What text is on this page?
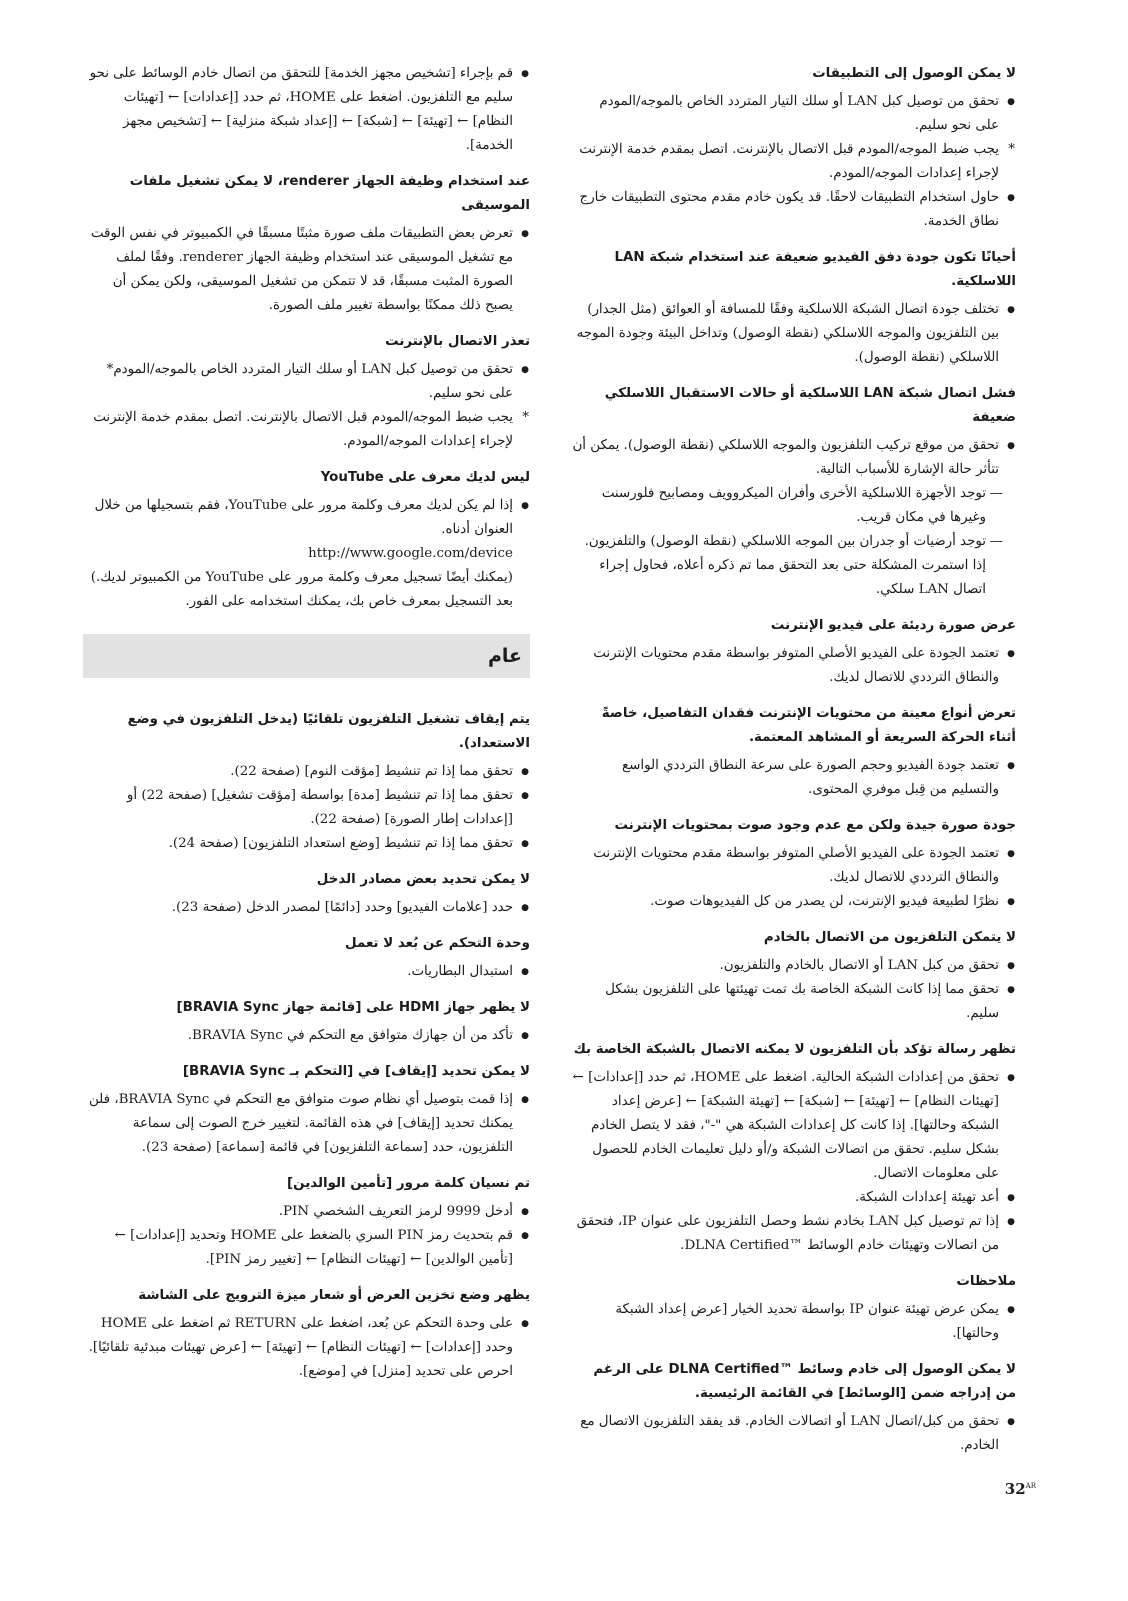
لا يمكن الوصول إلى التطبيقات
● تحقق من توصيل كبل LAN أو سلك التيار المتردد الخاص بالموجه/المودم على نحو سليم.
* يجب ضبط الموجه/المودم قبل الاتصال بالإنترنت. اتصل بمقدم خدمة الإنترنت لإجراء إعدادات الموجه/المودم.
● حاول استخدام التطبيقات لاحقًا. قد يكون خادم مقدم محتوى التطبيقات خارج نطاق الخدمة.
أحيانًا تكون جودة دفق الفيديو ضعيفة عند استخدام شبكة LAN اللاسلكية.
● تختلف جودة اتصال الشبكة اللاسلكية وفقًا للمسافة أو العوائق (مثل الجدار) بين التلفزيون والموجه اللاسلكي (نقطة الوصول) وتداخل البيئة وجودة الموجه اللاسلكي (نقطة الوصول).
فشل اتصال شبكة LAN اللاسلكية أو حالات الاستقبال اللاسلكي ضعيفة
● تحقق من موقع تركيب التلفزيون والموجه اللاسلكي (نقطة الوصول). يمكن أن تتأثر حالة الإشارة للأسباب التالية.
— توجد الأجهزة اللاسلكية الأخرى وأفران الميكروويف ومصابيح فلورسنت وغيرها في مكان قريب.
— توجد أرضيات أو جدران بين الموجه اللاسلكي (نقطة الوصول) والتلفزيون. إذا استمرت المشكلة حتى بعد التحقق مما تم ذكره أعلاه، فحاول إجراء اتصال LAN سلكي.
عرض صورة رديئة على فيديو الإنترنت
● تعتمد الجودة على الفيديو الأصلي المتوفر بواسطة مقدم محتويات الإنترنت والنطاق الترددي للاتصال لديك.
تعرض أنواع معينة من محتويات الإنترنت فقدان التفاصيل، خاصةً أثناء الحركة السريعة أو المشاهد المعتمة.
● تعتمد جودة الفيديو وحجم الصورة على سرعة النطاق الترددي الواسع والتسليم من قِبل موفري المحتوى.
جودة صورة جيدة ولكن مع عدم وجود صوت بمحتويات الإنترنت
● تعتمد الجودة على الفيديو الأصلي المتوفر بواسطة مقدم محتويات الإنترنت والنطاق الترددي للاتصال لديك.
● نظرًا لطبيعة فيديو الإنترنت، لن يصدر من كل الفيديوهات صوت.
لا يتمكن التلفزيون من الاتصال بالخادم
● تحقق من كبل LAN أو الاتصال بالخادم والتلفزيون.
● تحقق مما إذا كانت الشبكة الخاصة بك تمت تهيئتها على التلفزيون بشكل سليم.
تظهر رسالة تؤكد بأن التلفزيون لا يمكنه الاتصال بالشبكة الخاصة بك
● تحقق من إعدادات الشبكة الحالية. اضغط على HOME، ثم حدد [إعدادات] ← [تهيئات النظام] ← [تهيئة] ← [شبكة] ← [تهيئة الشبكة] ← [عرض إعداد الشبكة وحالتها]. إذا كانت كل إعدادات الشبكة هي "-"، فقد لا يتصل الخادم بشكل سليم. تحقق من اتصالات الشبكة و/أو دليل تعليمات الخادم للحصول على معلومات الاتصال.
● أعد تهيئة إعدادات الشبكة.
● إذا تم توصيل كبل LAN بخادم نشط وحصل التلفزيون على عنوان IP، فتحقق من اتصالات وتهيئات خادم الوسائط ™DLNA Certified.
ملاحظات
● يمكن عرض تهيئة عنوان IP بواسطة تحديد الخيار [عرض إعداد الشبكة وحالتها].
لا يمكن الوصول إلى خادم وسائط ™DLNA Certified على الرغم من إدراجه ضمن [الوسائط] في القائمة الرئيسية.
● تحقق من كبل/اتصال LAN أو اتصالات الخادم. قد يفقد التلفزيون الاتصال مع الخادم.
● قم بإجراء [تشخيص مجهز الخدمة] للتحقق من اتصال خادم الوسائط على نحو سليم مع التلفزيون. اضغط على HOME، ثم حدد [إعدادات] ← [تهيئات النظام] ← [تهيئة] ← [شبكة] ← [إعداد شبكة منزلية] ← [تشخيص مجهز الخدمة].
عند استخدام وظيفة الجهاز renderer، لا يمكن تشغيل ملفات الموسيقى
● تعرض بعض التطبيقات ملف صورة مثبتًا مسبقًا في الكمبيوتر في نفس الوقت مع تشغيل الموسيقى عند استخدام وظيفة الجهاز renderer. وفقًا لملف الصورة المثبت مسبقًا، قد لا تتمكن من تشغيل الموسيقى، ولكن يمكن أن يصبح ذلك ممكنًا بواسطة تغيير ملف الصورة.
تعذر الاتصال بالإنترنت
● تحقق من توصيل كبل LAN أو سلك التيار المتردد الخاص بالموجه/المودم* على نحو سليم.
* يجب ضبط الموجه/المودم قبل الاتصال بالإنترنت. اتصل بمقدم خدمة الإنترنت لإجراء إعدادات الموجه/المودم.
ليس لديك معرف على YouTube
● إذا لم يكن لديك معرف وكلمة مرور على YouTube، فقم بتسجيلها من خلال العنوان أدناه.
http://www.google.com/device
(يمكنك أيضًا تسجيل معرف وكلمة مرور على YouTube من الكمبيوتر لديك.) بعد التسجيل بمعرف خاص بك، يمكنك استخدامه على الفور.
عام
يتم إيقاف تشغيل التلفزيون تلقائيًا (يدخل التلفزيون في وضع الاستعداد).
● تحقق مما إذا تم تنشيط [مؤقت النوم] (صفحة 22).
● تحقق مما إذا تم تنشيط [مدة] بواسطة [مؤقت تشغيل] (صفحة 22) أو [إعدادات إطار الصورة] (صفحة 22).
● تحقق مما إذا تم تنشيط [وضع استعداد التلفزيون] (صفحة 24).
لا يمكن تحديد بعض مصادر الدخل
● حدد [علامات الفيديو] وحدد [دائمًا] لمصدر الدخل (صفحة 23).
وحدة التحكم عن بُعد لا تعمل
● استبدال البطاريات.
لا يظهر جهاز HDMI على [قائمة جهاز BRAVIA Sync]
● تأكد من أن جهازك متوافق مع التحكم في BRAVIA Sync.
لا يمكن تحديد [إيقاف] في [التحكم بـ BRAVIA Sync]
● إذا قمت بتوصيل أي نظام صوت متوافق مع التحكم في BRAVIA Sync، فلن يمكنك تحديد [إيقاف] في هذه القائمة. لتغيير خرج الصوت إلى سماعة التلفزيون، حدد [سماعة التلفزيون] في قائمة [سماعة] (صفحة 23).
تم نسيان كلمة مرور [تأمين الوالدين]
● أدخل 9999 لرمز التعريف الشخصي PIN.
● قم بتحديث رمز PIN السري بالضغط على HOME وتحديد [إعدادات] ← [تأمين الوالدين] ← [تهيئات النظام] ← [تغيير رمز PIN].
يظهر وضع تخزين العرض أو شعار ميزة الترويج على الشاشة
● على وحدة التحكم عن بُعد، اضغط على RETURN ثم اضغط على HOME وحدد [إعدادات] ← [تهيئات النظام] ← [تهيئة] ← [عرض تهيئات مبدئية تلقائيًا]. احرص على تحديد [منزل] في [موضع].
$32^{AR}$
